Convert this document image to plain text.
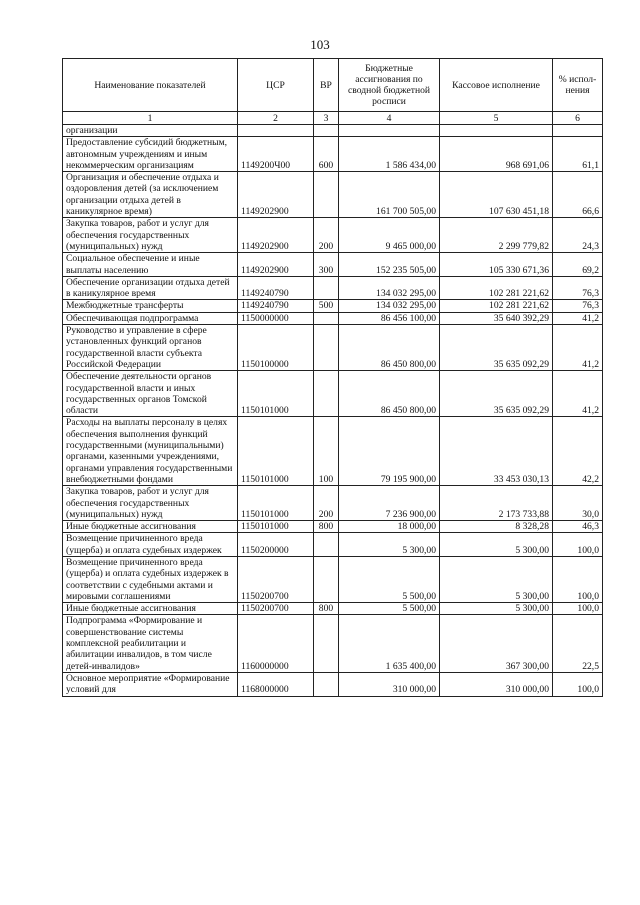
103
Наименование показателей	ЦСР	ВР	Бюджетные ассигнования по сводной бюджетной росписи	Кассовое исполнение	% испол-нения
1	2	3	4	5	6
организации					
Предоставление субсидий бюджетным, автономным учреждениям и иным некоммерческим организациям	1149200Ч00	600	1 586 434,00	968 691,06	61,1
Организация и обеспечение отдыха и оздоровления детей (за исключением организации отдыха детей в каникулярное время)	1149202900		161 700 505,00	107 630 451,18	66,6
Закупка товаров, работ и услуг для обеспечения государственных (муниципальных) нужд	1149202900	200	9 465 000,00	2 299 779,82	24,3
Социальное обеспечение и иные выплаты населению	1149202900	300	152 235 505,00	105 330 671,36	69,2
Обеспечение организации отдыха детей в каникулярное время	1149240790		134 032 295,00	102 281 221,62	76,3
Межбюджетные трансферты	1149240790	500	134 032 295,00	102 281 221,62	76,3
Обеспечивающая подпрограмма	1150000000		86 456 100,00	35 640 392,29	41,2
Руководство и управление в сфере установленных функций органов государственной власти субъекта Российской Федерации	1150100000		86 450 800,00	35 635 092,29	41,2
Обеспечение деятельности органов государственной власти и иных государственных органов Томской области	1150101000		86 450 800,00	35 635 092,29	41,2
Расходы на выплаты персоналу в целях обеспечения выполнения функций государственными (муниципальными) органами, казенными учреждениями, органами управления государственными внебюджетными фондами	1150101000	100	79 195 900,00	33 453 030,13	42,2
Закупка товаров, работ и услуг для обеспечения государственных (муниципальных) нужд	1150101000	200	7 236 900,00	2 173 733,88	30,0
Иные бюджетные ассигнования	1150101000	800	18 000,00	8 328,28	46,3
Возмещение причиненного вреда (ущерба) и оплата судебных издержек	1150200000		5 300,00	5 300,00	100,0
Возмещение причиненного вреда (ущерба) и оплата судебных издержек в соответствии с судебными актами и мировыми соглашениями	1150200700		5 500,00	5 300,00	100,0
Иные бюджетные ассигнования	1150200700	800	5 500,00	5 300,00	100,0
Подпрограмма «Формирование и совершенствование системы комплексной реабилитации и абилитации инвалидов, в том числе детей-инвалидов»	1160000000		1 635 400,00	367 300,00	22,5
Основное мероприятие «Формирование условий для	1168000000		310 000,00	310 000,00	100,0
